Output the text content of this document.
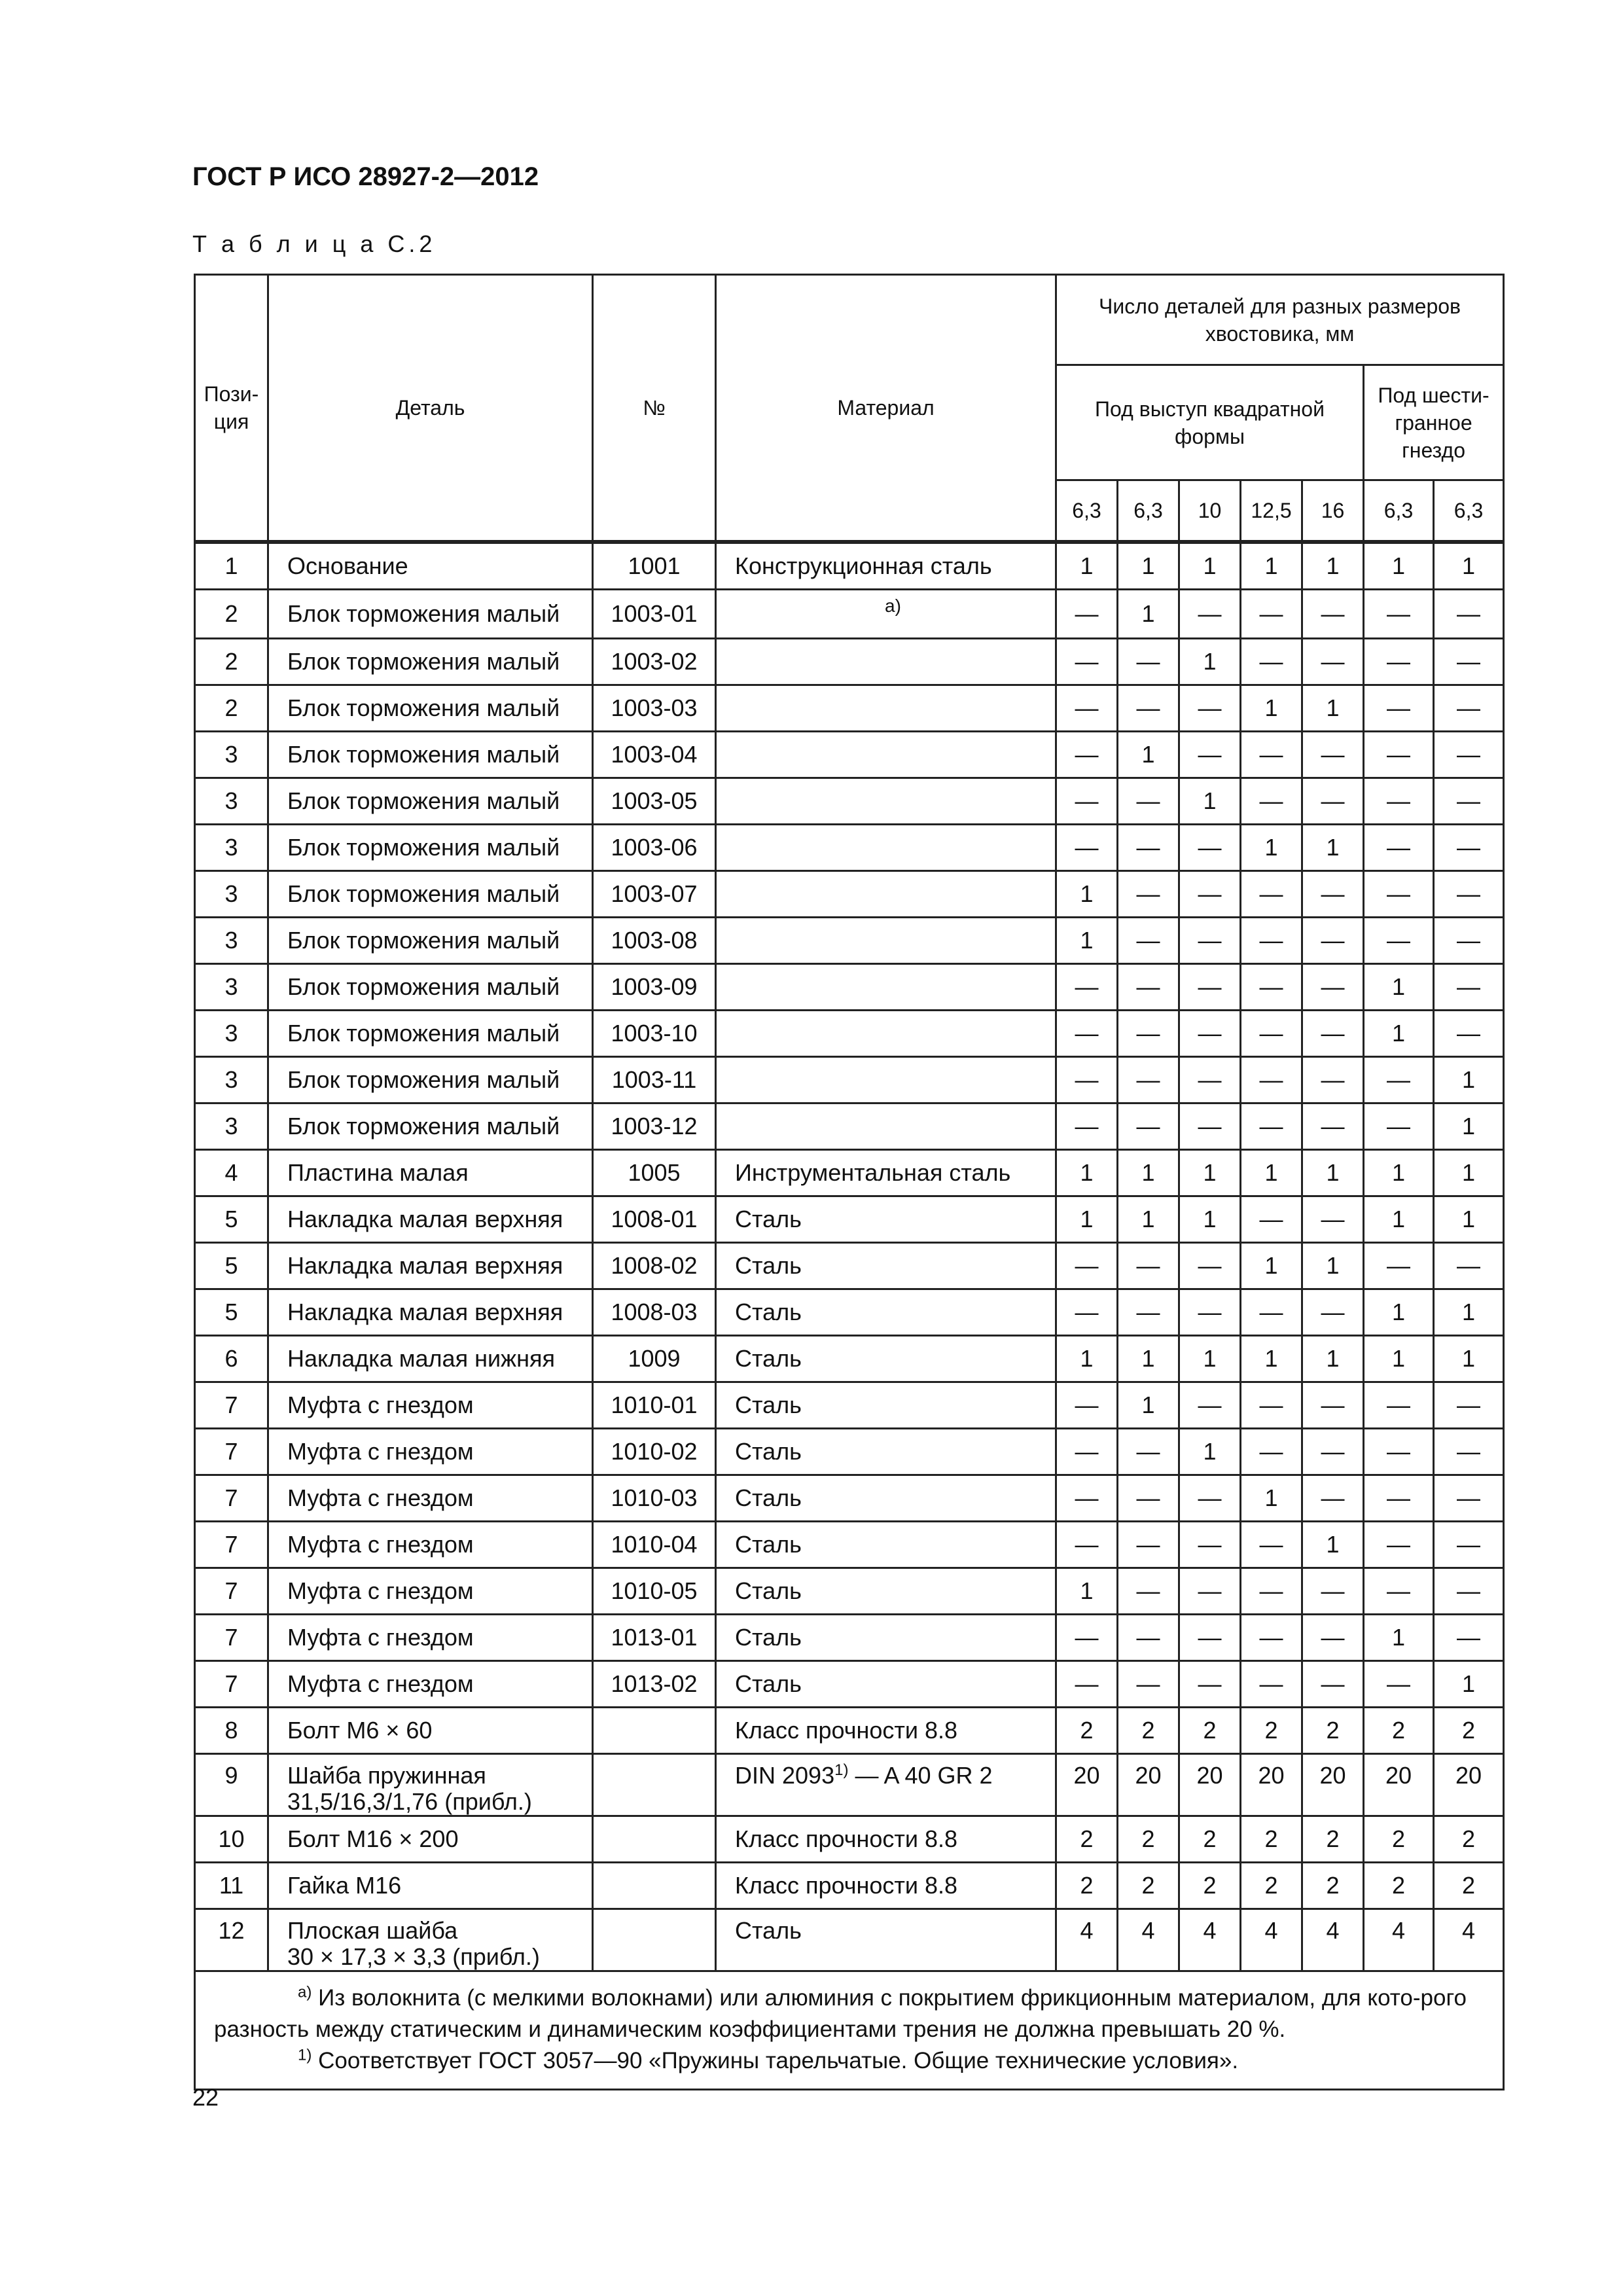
ГОСТ Р ИСО 28927-2—2012
Т а б л и ц а С.2
Пози-
ция	Деталь	№	Материал	Число деталей для разных размеров хвостовика, мм						
				Под выступ квадратной формы					Под шести-
гранное
гнездо	
				6,3	6,3	10	12,5	16	6,3	6,3
1	Основание	1001	Конструкционная сталь	1	1	1	1	1	1	1
2	Блок торможения малый	1003-01	а)	—	1	—	—	—	—	—
2	Блок торможения малый	1003-02		—	—	1	—	—	—	—
2	Блок торможения малый	1003-03		—	—	—	1	1	—	—
3	Блок торможения малый	1003-04		—	1	—	—	—	—	—
3	Блок торможения малый	1003-05		—	—	1	—	—	—	—
3	Блок торможения малый	1003-06		—	—	—	1	1	—	—
3	Блок торможения малый	1003-07		1	—	—	—	—	—	—
3	Блок торможения малый	1003-08		1	—	—	—	—	—	—
3	Блок торможения малый	1003-09		—	—	—	—	—	1	—
3	Блок торможения малый	1003-10		—	—	—	—	—	1	—
3	Блок торможения малый	1003-11		—	—	—	—	—	—	1
3	Блок торможения малый	1003-12		—	—	—	—	—	—	1
4	Пластина малая	1005	Инструментальная сталь	1	1	1	1	1	1	1
5	Накладка малая верхняя	1008-01	Сталь	1	1	1	—	—	1	1
5	Накладка малая верхняя	1008-02	Сталь	—	—	—	1	1	—	—
5	Накладка малая верхняя	1008-03	Сталь	—	—	—	—	—	1	1
6	Накладка малая нижняя	1009	Сталь	1	1	1	1	1	1	1
7	Муфта с гнездом	1010-01	Сталь	—	1	—	—	—	—	—
7	Муфта с гнездом	1010-02	Сталь	—	—	1	—	—	—	—
7	Муфта с гнездом	1010-03	Сталь	—	—	—	1	—	—	—
7	Муфта с гнездом	1010-04	Сталь	—	—	—	—	1	—	—
7	Муфта с гнездом	1010-05	Сталь	1	—	—	—	—	—	—
7	Муфта с гнездом	1013-01	Сталь	—	—	—	—	—	1	—
7	Муфта с гнездом	1013-02	Сталь	—	—	—	—	—	—	1
8	Болт М6 × 60		Класс прочности 8.8	2	2	2	2	2	2	2
9	Шайба пружинная
31,5/16,3/1,76 (прибл.)		DIN 2093$^{1)}$ — A 40 GR 2	20	20	20	20	20	20	20
10	Болт М16 × 200		Класс прочности 8.8	2	2	2	2	2	2	2
11	Гайка М16		Класс прочности 8.8	2	2	2	2	2	2	2
12	Плоская шайба
30 × 17,3 × 3,3 (прибл.)		Сталь	4	4	4	4	4	4	4

$^{а)}$ Из волокнита (с мелкими волокнами) или алюминия с покрытием фрикционным материалом, для кото-рого разность между статическим и динамическим коэффициентами трения не должна превышать 20 %.
$^{1)}$ Соответствует ГОСТ 3057—90 «Пружины тарельчатые. Общие технические условия».										
22
